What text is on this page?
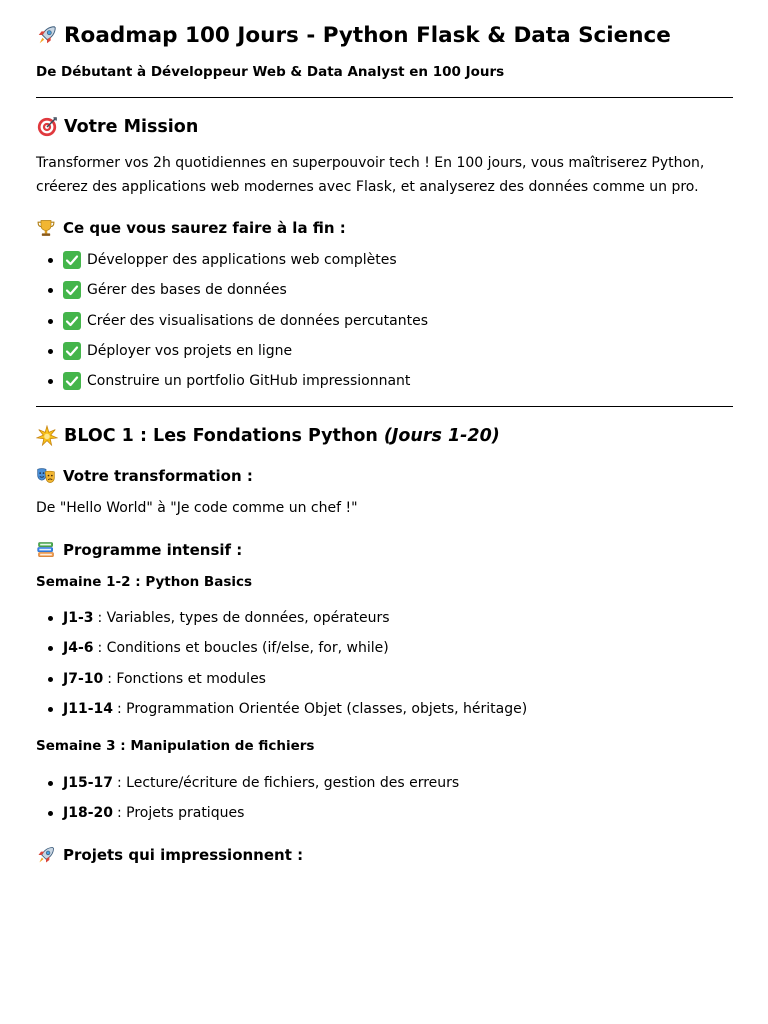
Roadmap 100 Jours - Python Flask & Data Science
De Débutant à Développeur Web & Data Analyst en 100 Jours
Votre Mission
Transformer vos 2h quotidiennes en superpouvoir tech ! En 100 jours, vous maîtriserez Python, créerez des applications web modernes avec Flask, et analyserez des données comme un pro.
Ce que vous saurez faire à la fin :
Développer des applications web complètes
Gérer des bases de données
Créer des visualisations de données percutantes
Déployer vos projets en ligne
Construire un portfolio GitHub impressionnant
BLOC 1 : Les Fondations Python (Jours 1-20)
Votre transformation :
De "Hello World" à "Je code comme un chef !"
Programme intensif :
Semaine 1-2 : Python Basics
J1-3 : Variables, types de données, opérateurs
J4-6 : Conditions et boucles (if/else, for, while)
J7-10 : Fonctions et modules
J11-14 : Programmation Orientée Objet (classes, objets, héritage)
Semaine 3 : Manipulation de fichiers
J15-17 : Lecture/écriture de fichiers, gestion des erreurs
J18-20 : Projets pratiques
Projets qui impressionnent :
